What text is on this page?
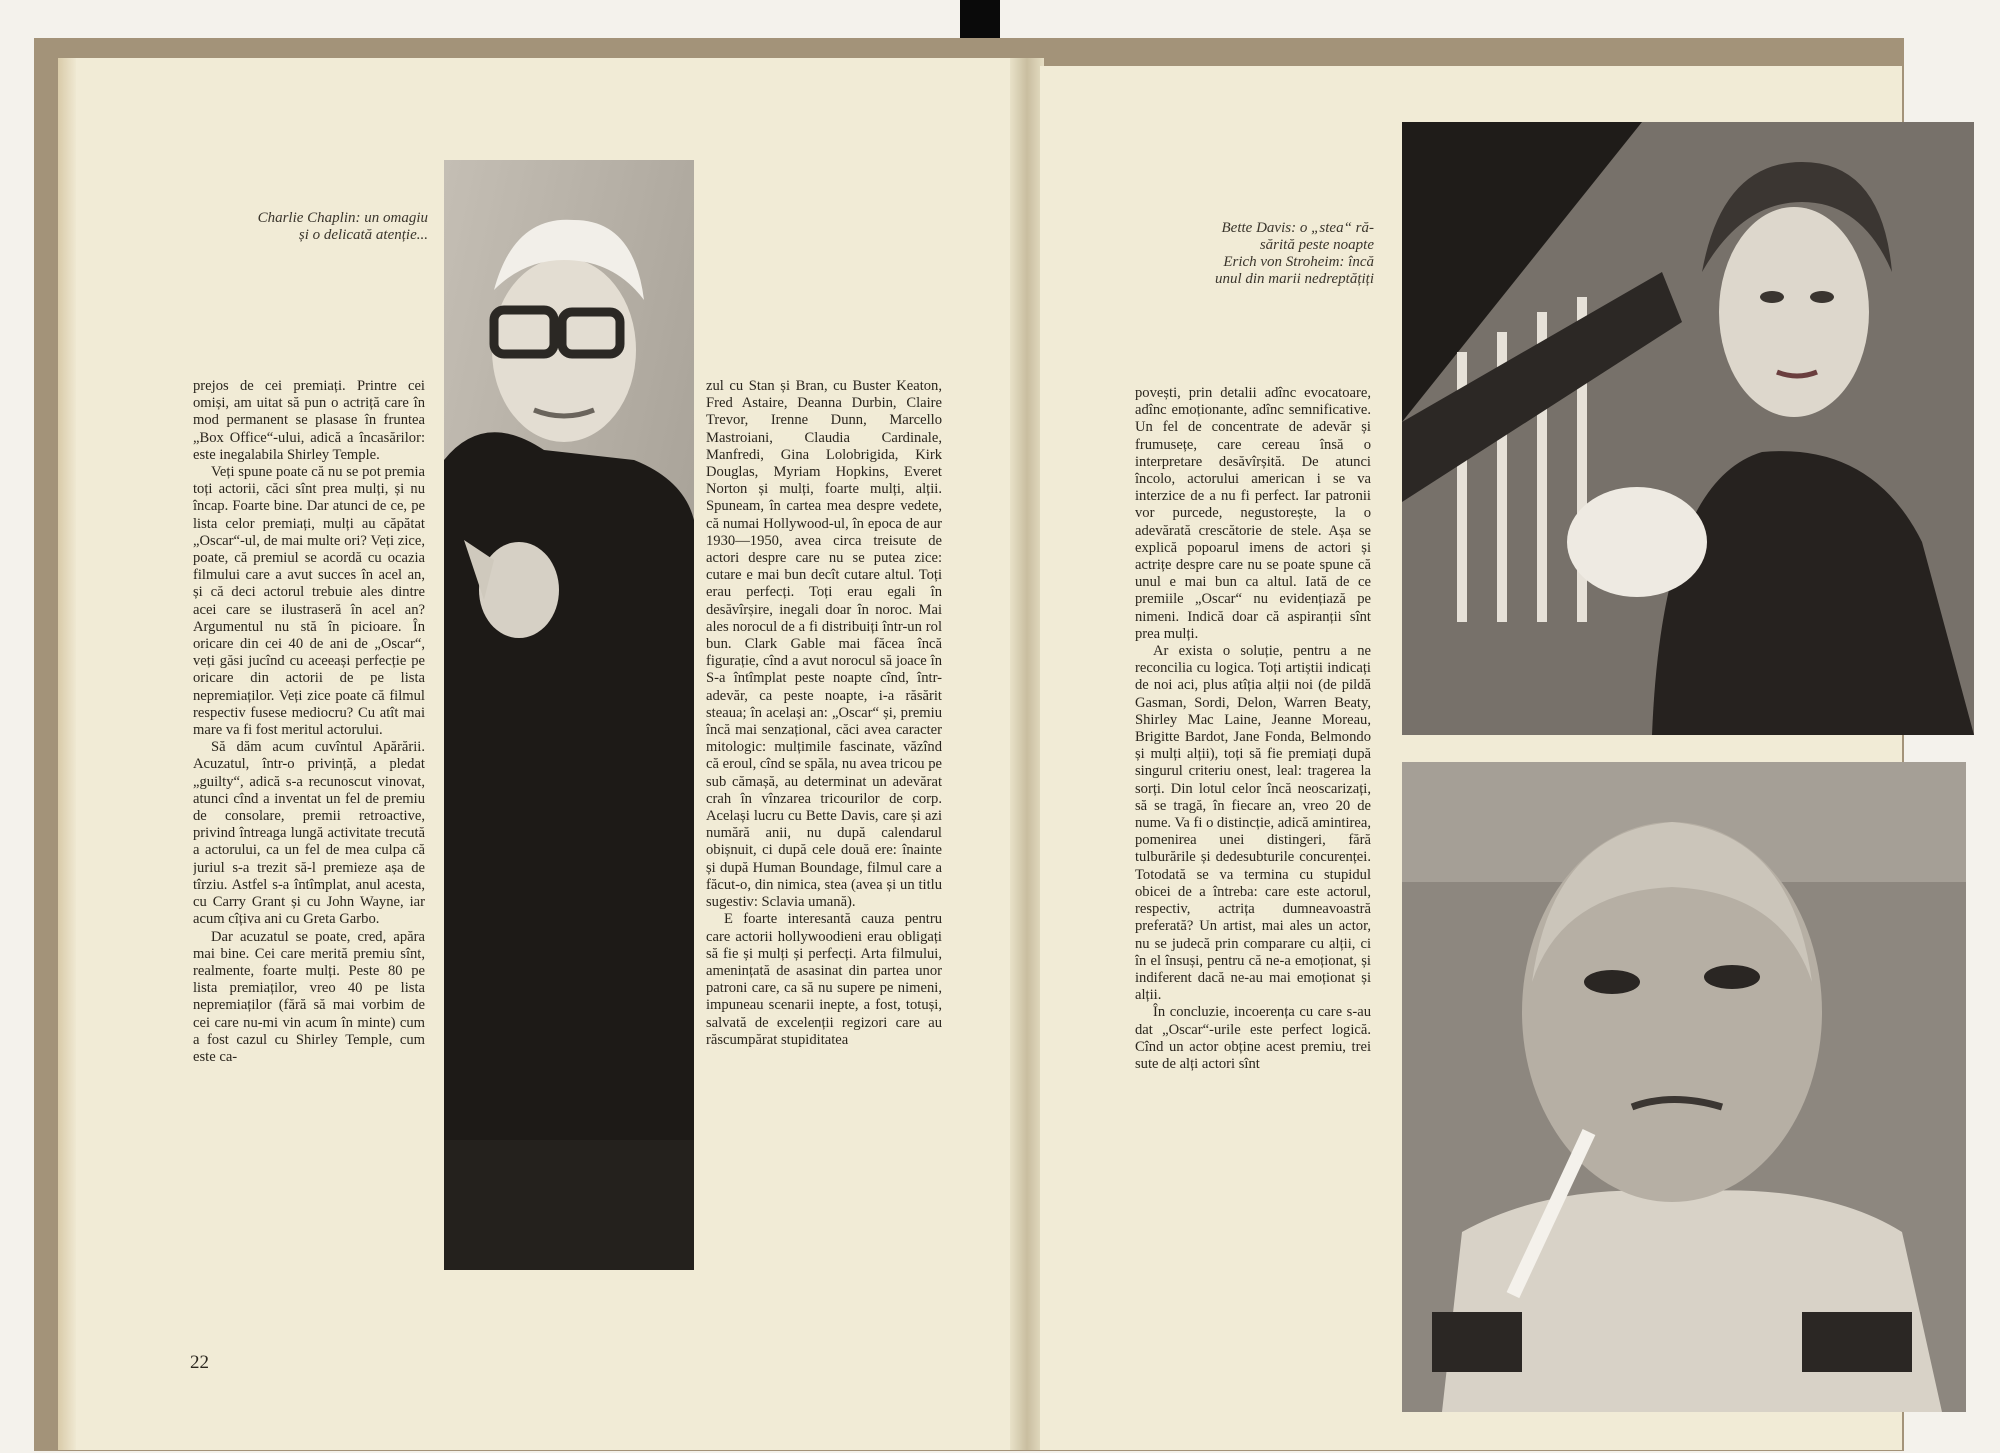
Charlie Chaplin: un omagiu
și o delicată atenție...

prejos de cei premiați. Printre cei omiși, am uitat să pun o actriță care în mod permanent se plasase în fruntea „Box Office“-ului, adică a încasărilor: este inegalabila Shirley Temple.

Veți spune poate că nu se pot premia toți actorii, căci sînt prea mulți, și nu încap. Foarte bine. Dar atunci de ce, pe lista celor premiați, mulți au căpătat „Oscar“-ul, de mai multe ori? Veți zice, poate, că premiul se acordă cu ocazia filmului care a avut succes în acel an, și că deci actorul trebuie ales dintre acei care se ilustraseră în acel an? Argumentul nu stă în picioare. În oricare din cei 40 de ani de „Oscar“, veți găsi jucînd cu aceeași perfecție pe oricare din actorii de pe lista nepremiaților. Veți zice poate că filmul respectiv fusese mediocru? Cu atît mai mare va fi fost meritul actorului.

Să dăm acum cuvîntul Apărării. Acuzatul, într-o privință, a pledat „guilty“, adică s-a recunoscut vinovat, atunci cînd a inventat un fel de premiu de consolare, premii retroactive, privind întreaga lungă activitate trecută a actorului, ca un fel de mea culpa că juriul s-a trezit să-l premieze așa de tîrziu. Astfel s-a întîmplat, anul acesta, cu Carry Grant și cu John Wayne, iar acum cîțiva ani cu Greta Garbo.

Dar acuzatul se poate, cred, apăra mai bine. Cei care merită premiu sînt, realmente, foarte mulți. Peste 80 pe lista premiaților, vreo 40 pe lista nepremiaților (fără să mai vorbim de cei care nu-mi vin acum în minte) cum a fost cazul cu Shirley Temple, cum este ca-

zul cu Stan și Bran, cu Buster Keaton, Fred Astaire, Deanna Durbin, Claire Trevor, Irenne Dunn, Marcello Mastroiani, Claudia Cardinale, Manfredi, Gina Lolobrigida, Kirk Douglas, Myriam Hopkins, Everet Norton și mulți, foarte mulți, alții. Spuneam, în cartea mea despre vedete, că numai Hollywood-ul, în epoca de aur 1930—1950, avea circa treisute de actori despre care nu se putea zice: cutare e mai bun decît cutare altul. Toți erau perfecți. Toți erau egali în desăvîrșire, inegali doar în noroc. Mai ales norocul de a fi distribuiți într-un rol bun. Clark Gable mai făcea încă figurație, cînd a avut norocul să joace în S-a întîmplat peste noapte cînd, într-adevăr, ca peste noapte, i-a răsărit steaua; în același an: „Oscar“ și, premiu încă mai senzațional, căci avea caracter mitologic: mulțimile fascinate, văzînd că eroul, cînd se spăla, nu avea tricou pe sub cămașă, au determinat un adevărat crah în vînzarea tricourilor de corp. Același lucru cu Bette Davis, care și azi numără anii, nu după calendarul obișnuit, ci după cele două ere: înainte și după Human Boundage, filmul care a făcut-o, din nimica, stea (avea și un titlu sugestiv: Sclavia umană).

E foarte interesantă cauza pentru care actorii hollywoodieni erau obligați să fie și mulți și perfecți. Arta filmului, amenințată de asasinat din partea unor patroni care, ca să nu supere pe nimeni, impuneau scenarii inepte, a fost, totuși, salvată de excelenții regizori care au răscumpărat stupiditatea

22
Bette Davis: o „stea“ ră-
sărită peste noapte
Erich von Stroheim: încă
unul din marii nedreptățiți

povești, prin detalii adînc evocatoare, adînc emoționante, adînc semnificative. Un fel de concentrate de adevăr și frumusețe, care cereau însă o interpretare desăvîrșită. De atunci încolo, actorului american i se va interzice de a nu fi perfect. Iar patronii vor purcede, negustorește, la o adevărată crescătorie de stele. Așa se explică popoarul imens de actori și actrițe despre care nu se poate spune că unul e mai bun ca altul. Iată de ce premiile „Oscar“ nu evidențiază pe nimeni. Indică doar că aspiranții sînt prea mulți.

Ar exista o soluție, pentru a ne reconcilia cu logica. Toți artiștii indicați de noi aci, plus atîția alții noi (de pildă Gasman, Sordi, Delon, Warren Beaty, Shirley Mac Laine, Jeanne Moreau, Brigitte Bardot, Jane Fonda, Belmondo și mulți alții), toți să fie premiați după singurul criteriu onest, leal: tragerea la sorți. Din lotul celor încă neoscarizați, să se tragă, în fiecare an, vreo 20 de nume. Va fi o distincție, adică amintirea, pomenirea unei distingeri, fără tulburările și dedesubturile concurenței. Totodată se va termina cu stupidul obicei de a întreba: care este actorul, respectiv, actrița dumneavoastră preferată? Un artist, mai ales un actor, nu se judecă prin comparare cu alții, ci în el însuși, pentru că ne-a emoționat, și indiferent dacă ne-au mai emoționat și alții.

În concluzie, incoerența cu care s-au dat „Oscar“-urile este perfect logică. Cînd un actor obține acest premiu, trei sute de alți actori sînt
